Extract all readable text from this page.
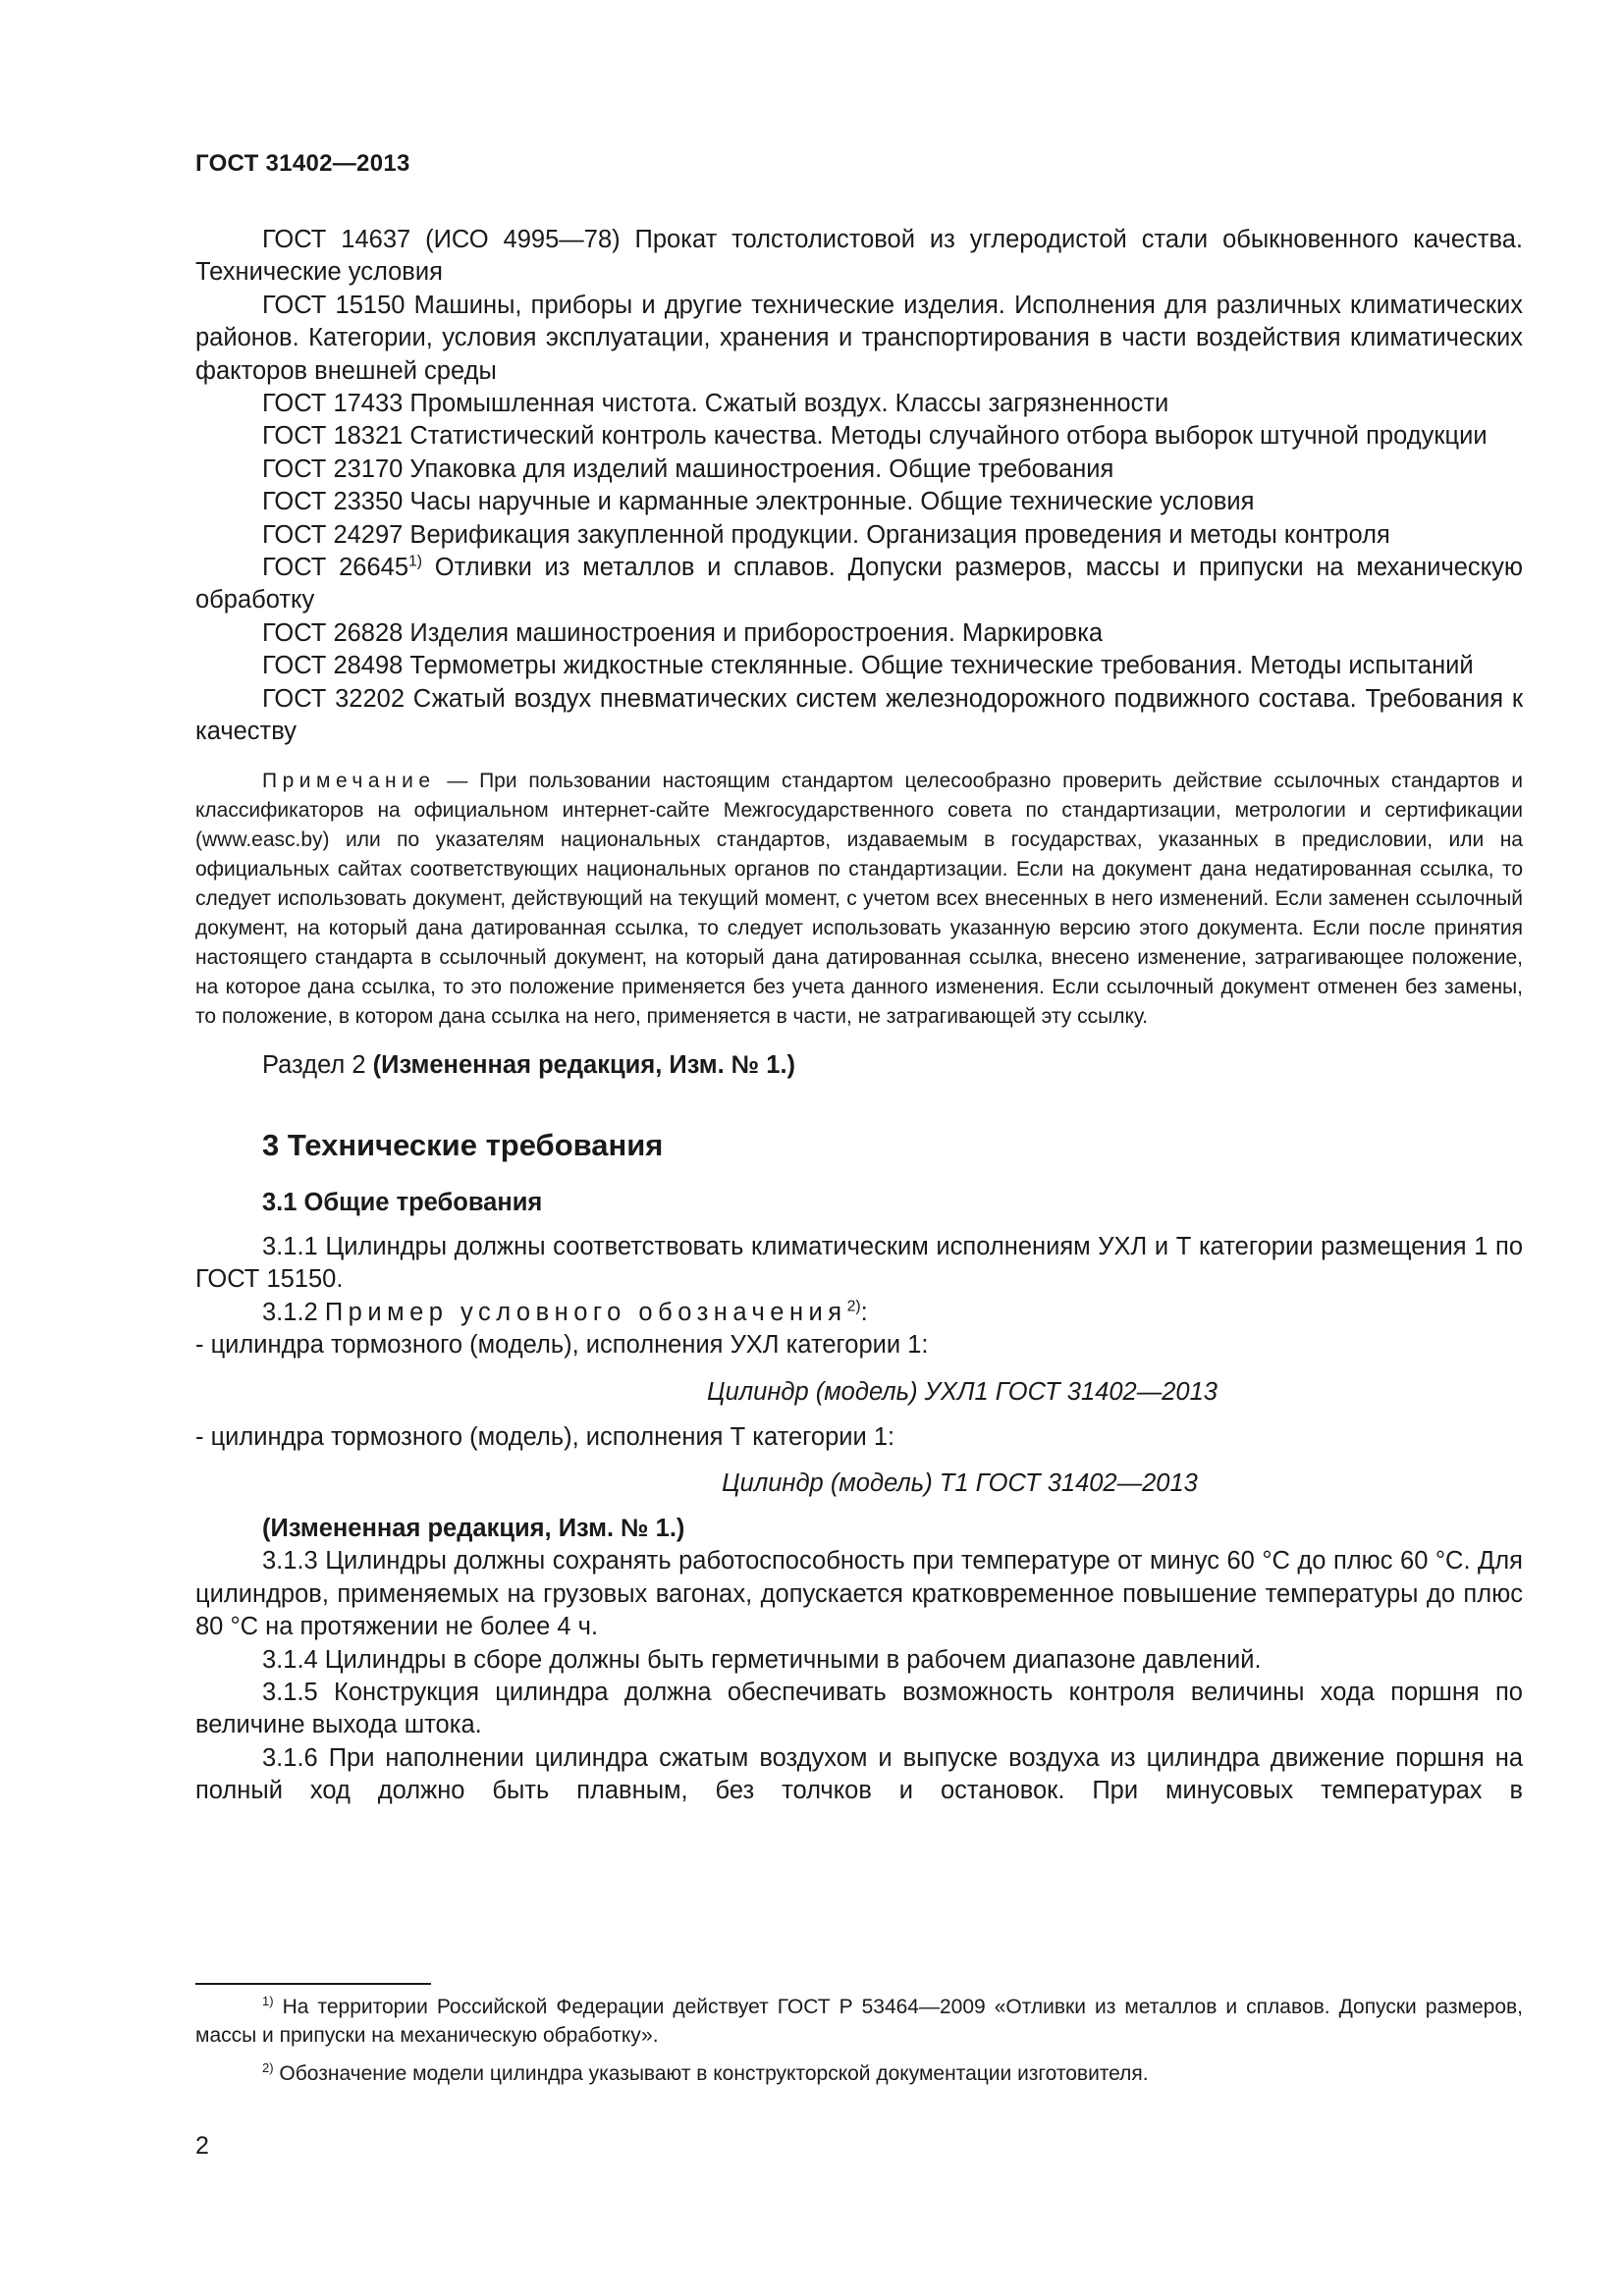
ГОСТ 31402—2013

ГОСТ 14637 (ИСО 4995—78) Прокат толстолистовой из углеродистой стали обыкновенного качества. Технические условия

ГОСТ 15150 Машины, приборы и другие технические изделия. Исполнения для различных климатических районов. Категории, условия эксплуатации, хранения и транспортирования в части воздействия климатических факторов внешней среды

ГОСТ 17433 Промышленная чистота. Сжатый воздух. Классы загрязненности

ГОСТ 18321 Статистический контроль качества. Методы случайного отбора выборок штучной продукции

ГОСТ 23170 Упаковка для изделий машиностроения. Общие требования

ГОСТ 23350 Часы наручные и карманные электронные. Общие технические условия

ГОСТ 24297 Верификация закупленной продукции. Организация проведения и методы контроля

ГОСТ 26645$^{1)}$ Отливки из металлов и сплавов. Допуски размеров, массы и припуски на механическую обработку

ГОСТ 26828 Изделия машиностроения и приборостроения. Маркировка

ГОСТ 28498 Термометры жидкостные стеклянные. Общие технические требования. Методы испытаний

ГОСТ 32202 Сжатый воздух пневматических систем железнодорожного подвижного состава. Требования к качеству

Примечание — При пользовании настоящим стандартом целесообразно проверить действие ссылочных стандартов и классификаторов на официальном интернет-сайте Межгосударственного совета по стандартизации, метрологии и сертификации (www.easc.by) или по указателям национальных стандартов, издаваемым в государствах, указанных в предисловии, или на официальных сайтах соответствующих национальных органов по стандартизации. Если на документ дана недатированная ссылка, то следует использовать документ, действующий на текущий момент, с учетом всех внесенных в него изменений. Если заменен ссылочный документ, на который дана датированная ссылка, то следует использовать указанную версию этого документа. Если после принятия настоящего стандарта в ссылочный документ, на который дана датированная ссылка, внесено изменение, затрагивающее положение, на которое дана ссылка, то это положение применяется без учета данного изменения. Если ссылочный документ отменен без замены, то положение, в котором дана ссылка на него, применяется в части, не затрагивающей эту ссылку.

Раздел 2 (Измененная редакция, Изм. № 1.)

3 Технические требования
3.1 Общие требования

3.1.1 Цилиндры должны соответствовать климатическим исполнениям УХЛ и Т категории размещения 1 по ГОСТ 15150.

3.1.2 Пример условного обозначения$^{2)}$:

- цилиндра тормозного (модель), исполнения УХЛ категории 1:

Цилиндр (модель) УХЛ1 ГОСТ 31402—2013

- цилиндра тормозного (модель), исполнения Т категории 1:

Цилиндр (модель) Т1 ГОСТ 31402—2013

(Измененная редакция, Изм. № 1.)

3.1.3 Цилиндры должны сохранять работоспособность при температуре от минус 60 °С до плюс 60 °С. Для цилиндров, применяемых на грузовых вагонах, допускается кратковременное повышение температуры до плюс 80 °С на протяжении не более 4 ч.

3.1.4 Цилиндры в сборе должны быть герметичными в рабочем диапазоне давлений.

3.1.5 Конструкция цилиндра должна обеспечивать возможность контроля величины хода поршня по величине выхода штока.

3.1.6 При наполнении цилиндра сжатым воздухом и выпуске воздуха из цилиндра движение поршня на полный ход должно быть плавным, без толчков и остановок. При минусовых температурах в

$^{1)}$ На территории Российской Федерации действует ГОСТ Р 53464—2009 «Отливки из металлов и сплавов. Допуски размеров, массы и припуски на механическую обработку».

$^{2)}$ Обозначение модели цилиндра указывают в конструкторской документации изготовителя.

2
